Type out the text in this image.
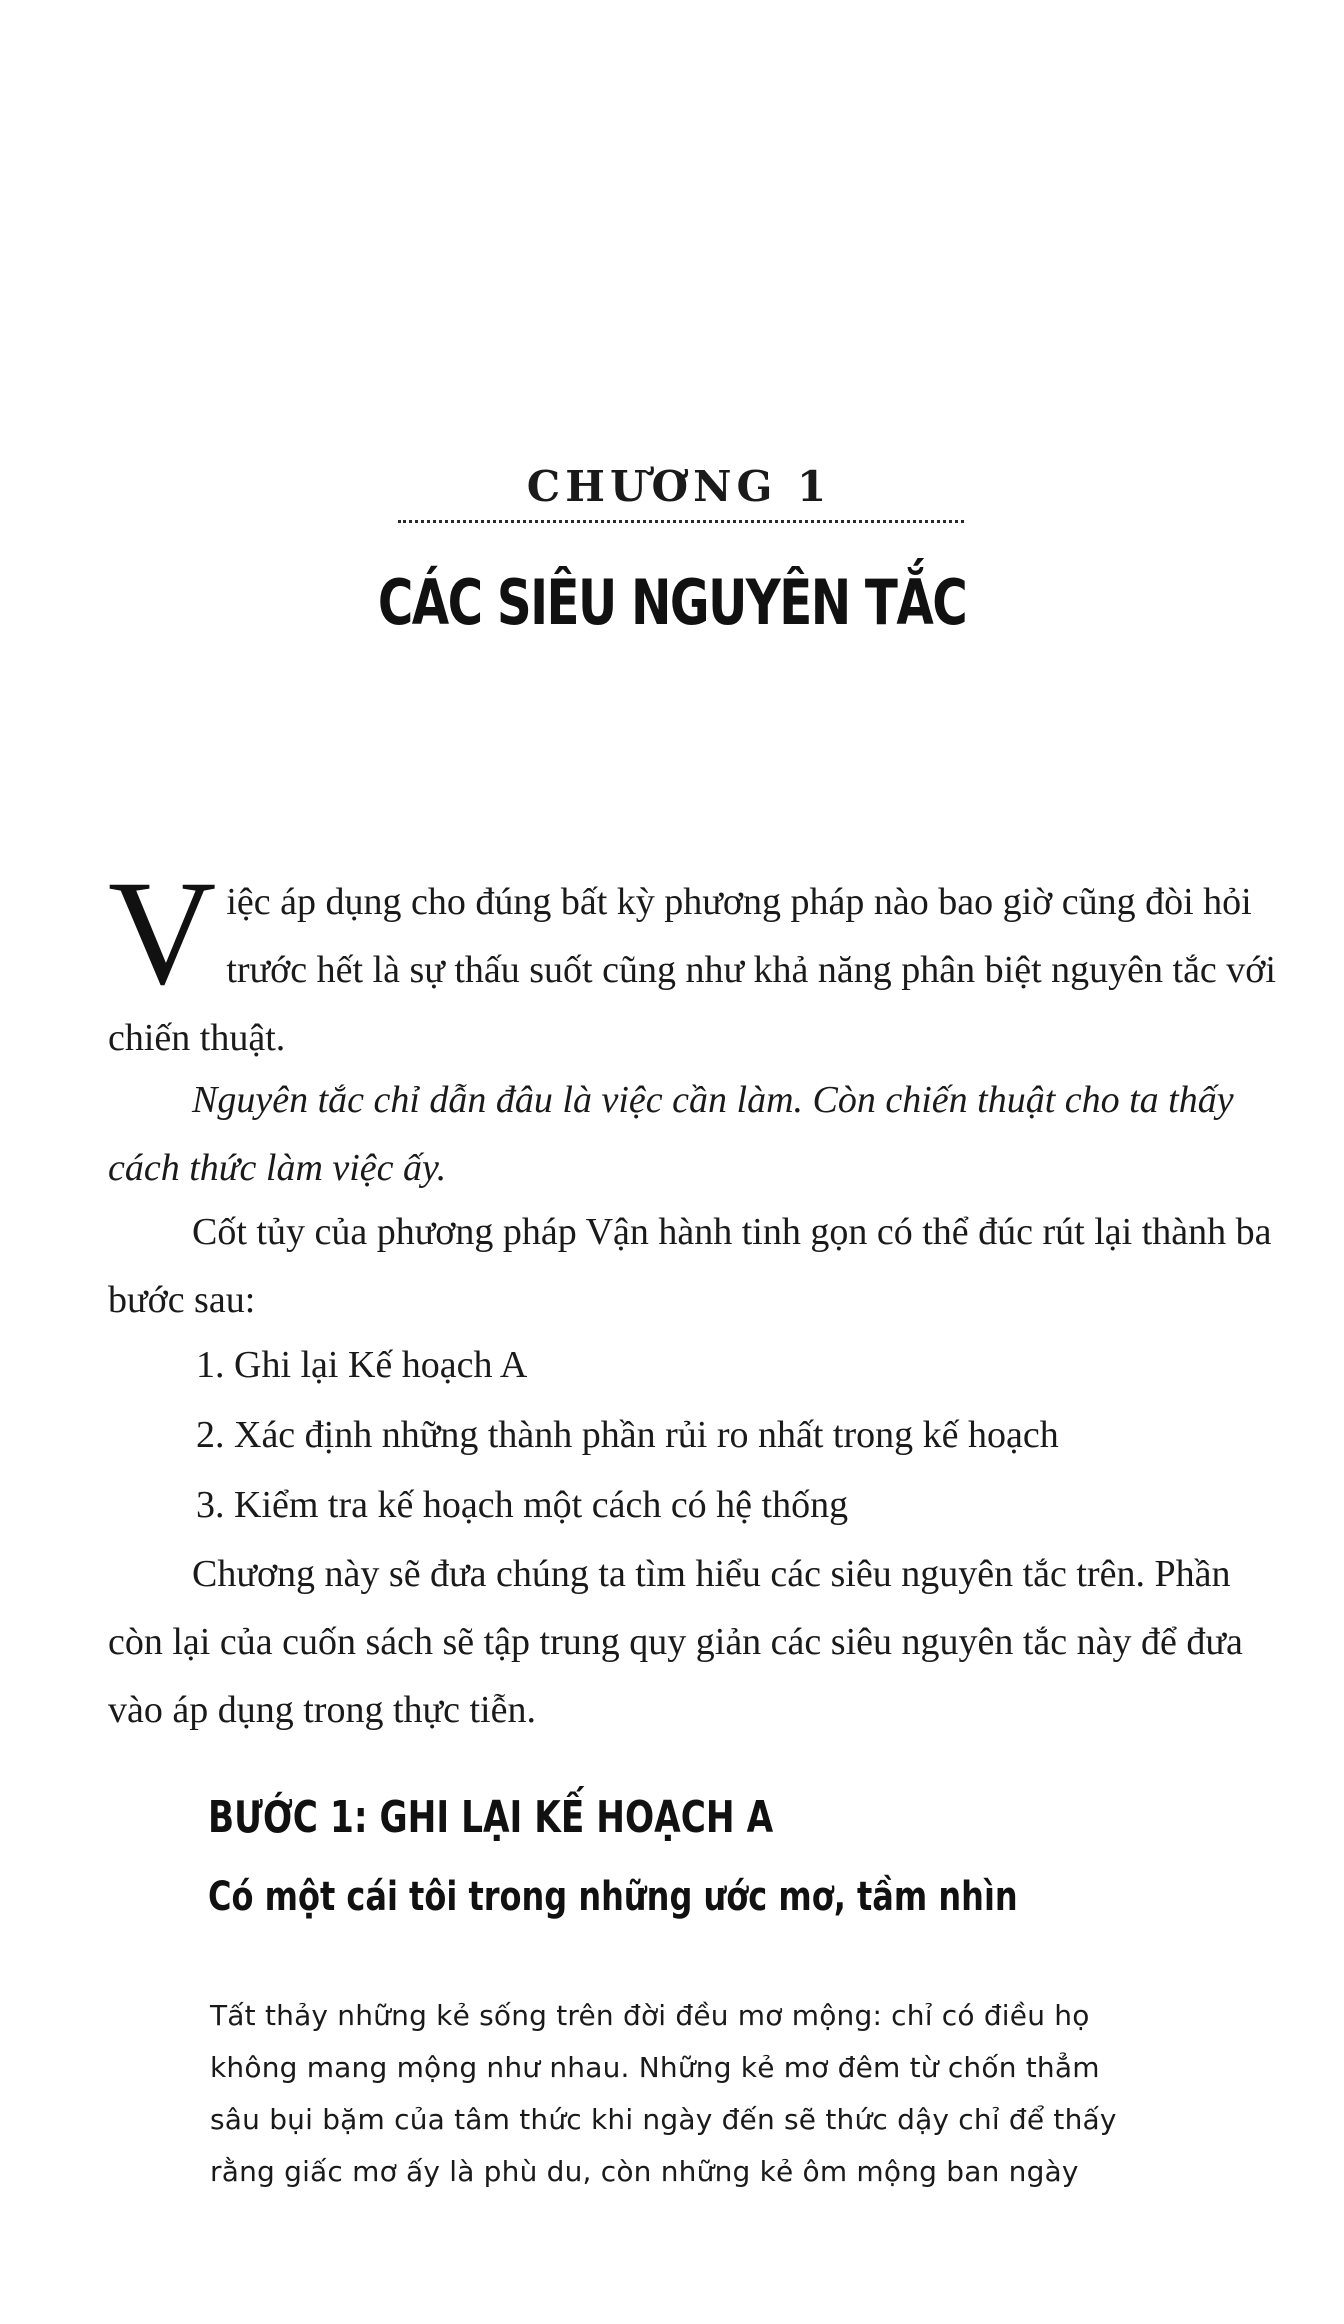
CHƯƠNG 1
CÁC SIÊU NGUYÊN TẮC
Việc áp dụng cho đúng bất kỳ phương pháp nào bao giờ cũng đòi hỏi trước hết là sự thấu suốt cũng như khả năng phân biệt nguyên tắc với chiến thuật.
Nguyên tắc chỉ dẫn đâu là việc cần làm. Còn chiến thuật cho ta thấy cách thức làm việc ấy.
Cốt tủy của phương pháp Vận hành tinh gọn có thể đúc rút lại thành ba bước sau:
1. Ghi lại Kế hoạch A
2. Xác định những thành phần rủi ro nhất trong kế hoạch
3. Kiểm tra kế hoạch một cách có hệ thống
Chương này sẽ đưa chúng ta tìm hiểu các siêu nguyên tắc trên. Phần còn lại của cuốn sách sẽ tập trung quy giản các siêu nguyên tắc này để đưa vào áp dụng trong thực tiễn.
BƯỚC 1: GHI LẠI KẾ HOẠCH A
Có một cái tôi trong những ước mơ, tầm nhìn
Tất thảy những kẻ sống trên đời đều mơ mộng: chỉ có điều họ
không mang mộng như nhau. Những kẻ mơ đêm từ chốn thẳm
sâu bụi bặm của tâm thức khi ngày đến sẽ thức dậy chỉ để thấy
rằng giấc mơ ấy là phù du, còn những kẻ ôm mộng ban ngày
